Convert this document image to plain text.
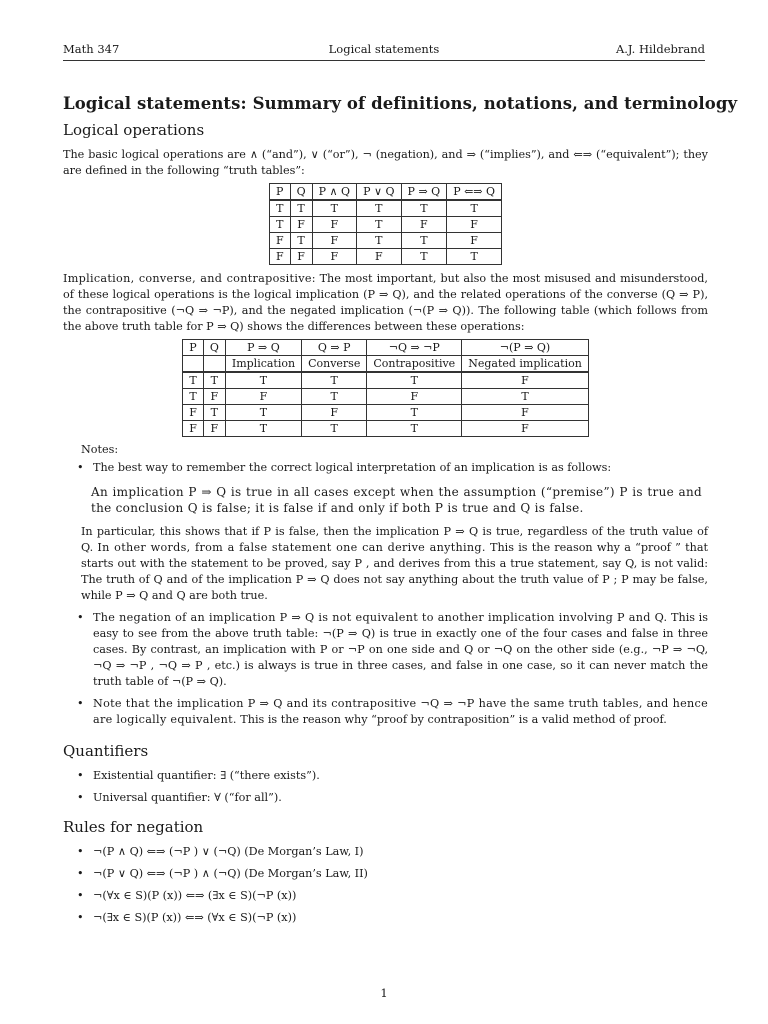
Math 347	Logical statements	A.J. Hildebrand
Logical statements: Summary of definitions, notations, and terminology
Logical operations

The basic logical operations are ∧ (“and”), ∨ (“or”), ¬ (negation), and ⇒ (“implies”), and ⇐⇒ (“equivalent”); they are defined in the following “truth tables”:

P	Q	P ∧ Q	P ∨ Q	P ⇒ Q	P ⇐⇒ Q
T	T	T	T	T	T
T	F	F	T	F	F
F	T	F	T	T	F
F	F	F	F	T	T

Implication, converse, and contrapositive: The most important, but also the most misused and misunderstood, of these logical operations is the logical implication (P ⇒ Q), and the related operations of the converse (Q ⇒ P), the contrapositive (¬Q ⇒ ¬P), and the negated implication (¬(P ⇒ Q)). The following table (which follows from the above truth table for P ⇒ Q) shows the differences between these operations:

P	Q	P ⇒ Q	Q ⇒ P	¬Q ⇒ ¬P	¬(P ⇒ Q)
		Implication	Converse	Contrapositive	Negated implication
T	T	T	T	T	F
T	F	F	T	F	T
F	T	T	F	T	F
F	F	T	T	T	F
Notes:
• The best way to remember the correct logical interpretation of an implication is as follows:
An implication P ⇒ Q is true in all cases except when the assumption (“premise”) P is true and the conclusion Q is false; it is false if and only if both P is true and Q is false.

In particular, this shows that if P is false, then the implication P ⇒ Q is true, regardless of the truth value of Q. In other words, from a false statement one can derive anything. This is the reason why a “proof ” that starts out with the statement to be proved, say P , and derives from this a true statement, say Q, is not valid: The truth of Q and of the implication P ⇒ Q does not say anything about the truth value of P ; P may be false, while P ⇒ Q and Q are both true.

• The negation of an implication P ⇒ Q is not equivalent to another implication involving P and Q. This is easy to see from the above truth table: ¬(P ⇒ Q) is true in exactly one of the four cases and false in three cases. By contrast, an implication with P or ¬P on one side and Q or ¬Q on the other side (e.g., ¬P ⇒ ¬Q, ¬Q ⇒ ¬P , ¬Q ⇒ P , etc.) is always is true in three cases, and false in one case, so it can never match the truth table of ¬(P ⇒ Q).
• Note that the implication P ⇒ Q and its contrapositive ¬Q ⇒ ¬P have the same truth tables, and hence are logically equivalent. This is the reason why “proof by contraposition” is a valid method of proof.
Quantifiers
• Existential quantifier: ∃ (“there exists”).
• Universal quantifier: ∀ (“for all”).
Rules for negation
• ¬(P ∧ Q) ⇐⇒ (¬P ) ∨ (¬Q) (De Morgan’s Law, I)
• ¬(P ∨ Q) ⇐⇒ (¬P ) ∧ (¬Q) (De Morgan’s Law, II)
• ¬(∀x ∈ S)(P (x)) ⇐⇒ (∃x ∈ S)(¬P (x))
• ¬(∃x ∈ S)(P (x)) ⇐⇒ (∀x ∈ S)(¬P (x))
1
